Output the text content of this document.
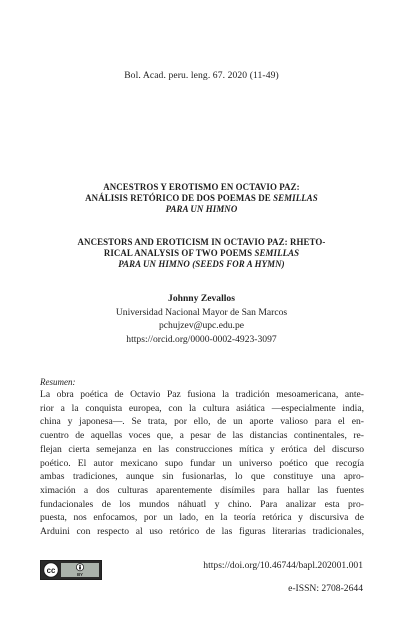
Bol. Acad. peru. leng. 67. 2020 (11-49)
ANCESTROS Y EROTISMO EN OCTAVIO PAZ:
ANÁLISIS RETÓRICO DE DOS POEMAS DE SEMILLAS
PARA UN HIMNO
ANCESTORS AND EROTICISM IN OCTAVIO PAZ: RHETO-
RICAL ANALYSIS OF TWO POEMS SEMILLAS
PARA UN HIMNO (SEEDS FOR A HYMN)
Johnny Zevallos
Universidad Nacional Mayor de San Marcos
pchujzev@upc.edu.pe
https://orcid.org/0000-0002-4923-3097
Resumen:
La obra poética de Octavio Paz fusiona la tradición mesoamericana, ante-
rior a la conquista europea, con la cultura asiática —especialmente india,
china y japonesa—. Se trata, por ello, de un aporte valioso para el en-
cuentro de aquellas voces que, a pesar de las distancias continentales, re-
flejan cierta semejanza en las construcciones mítica y erótica del discurso
poético. El autor mexicano supo fundar un universo poético que recogía
ambas tradiciones, aunque sin fusionarlas, lo que constituye una apro-
ximación a dos culturas aparentemente disímiles para hallar las fuentes
fundacionales de los mundos náhuatl y chino. Para analizar esta pro-
puesta, nos enfocamos, por un lado, en la teoría retórica y discursiva de
Arduini con respecto al uso retórico de las figuras literarias tradicionales,
cc	BY
https://doi.org/10.46744/bapl.202001.001
e-ISSN: 2708-2644
